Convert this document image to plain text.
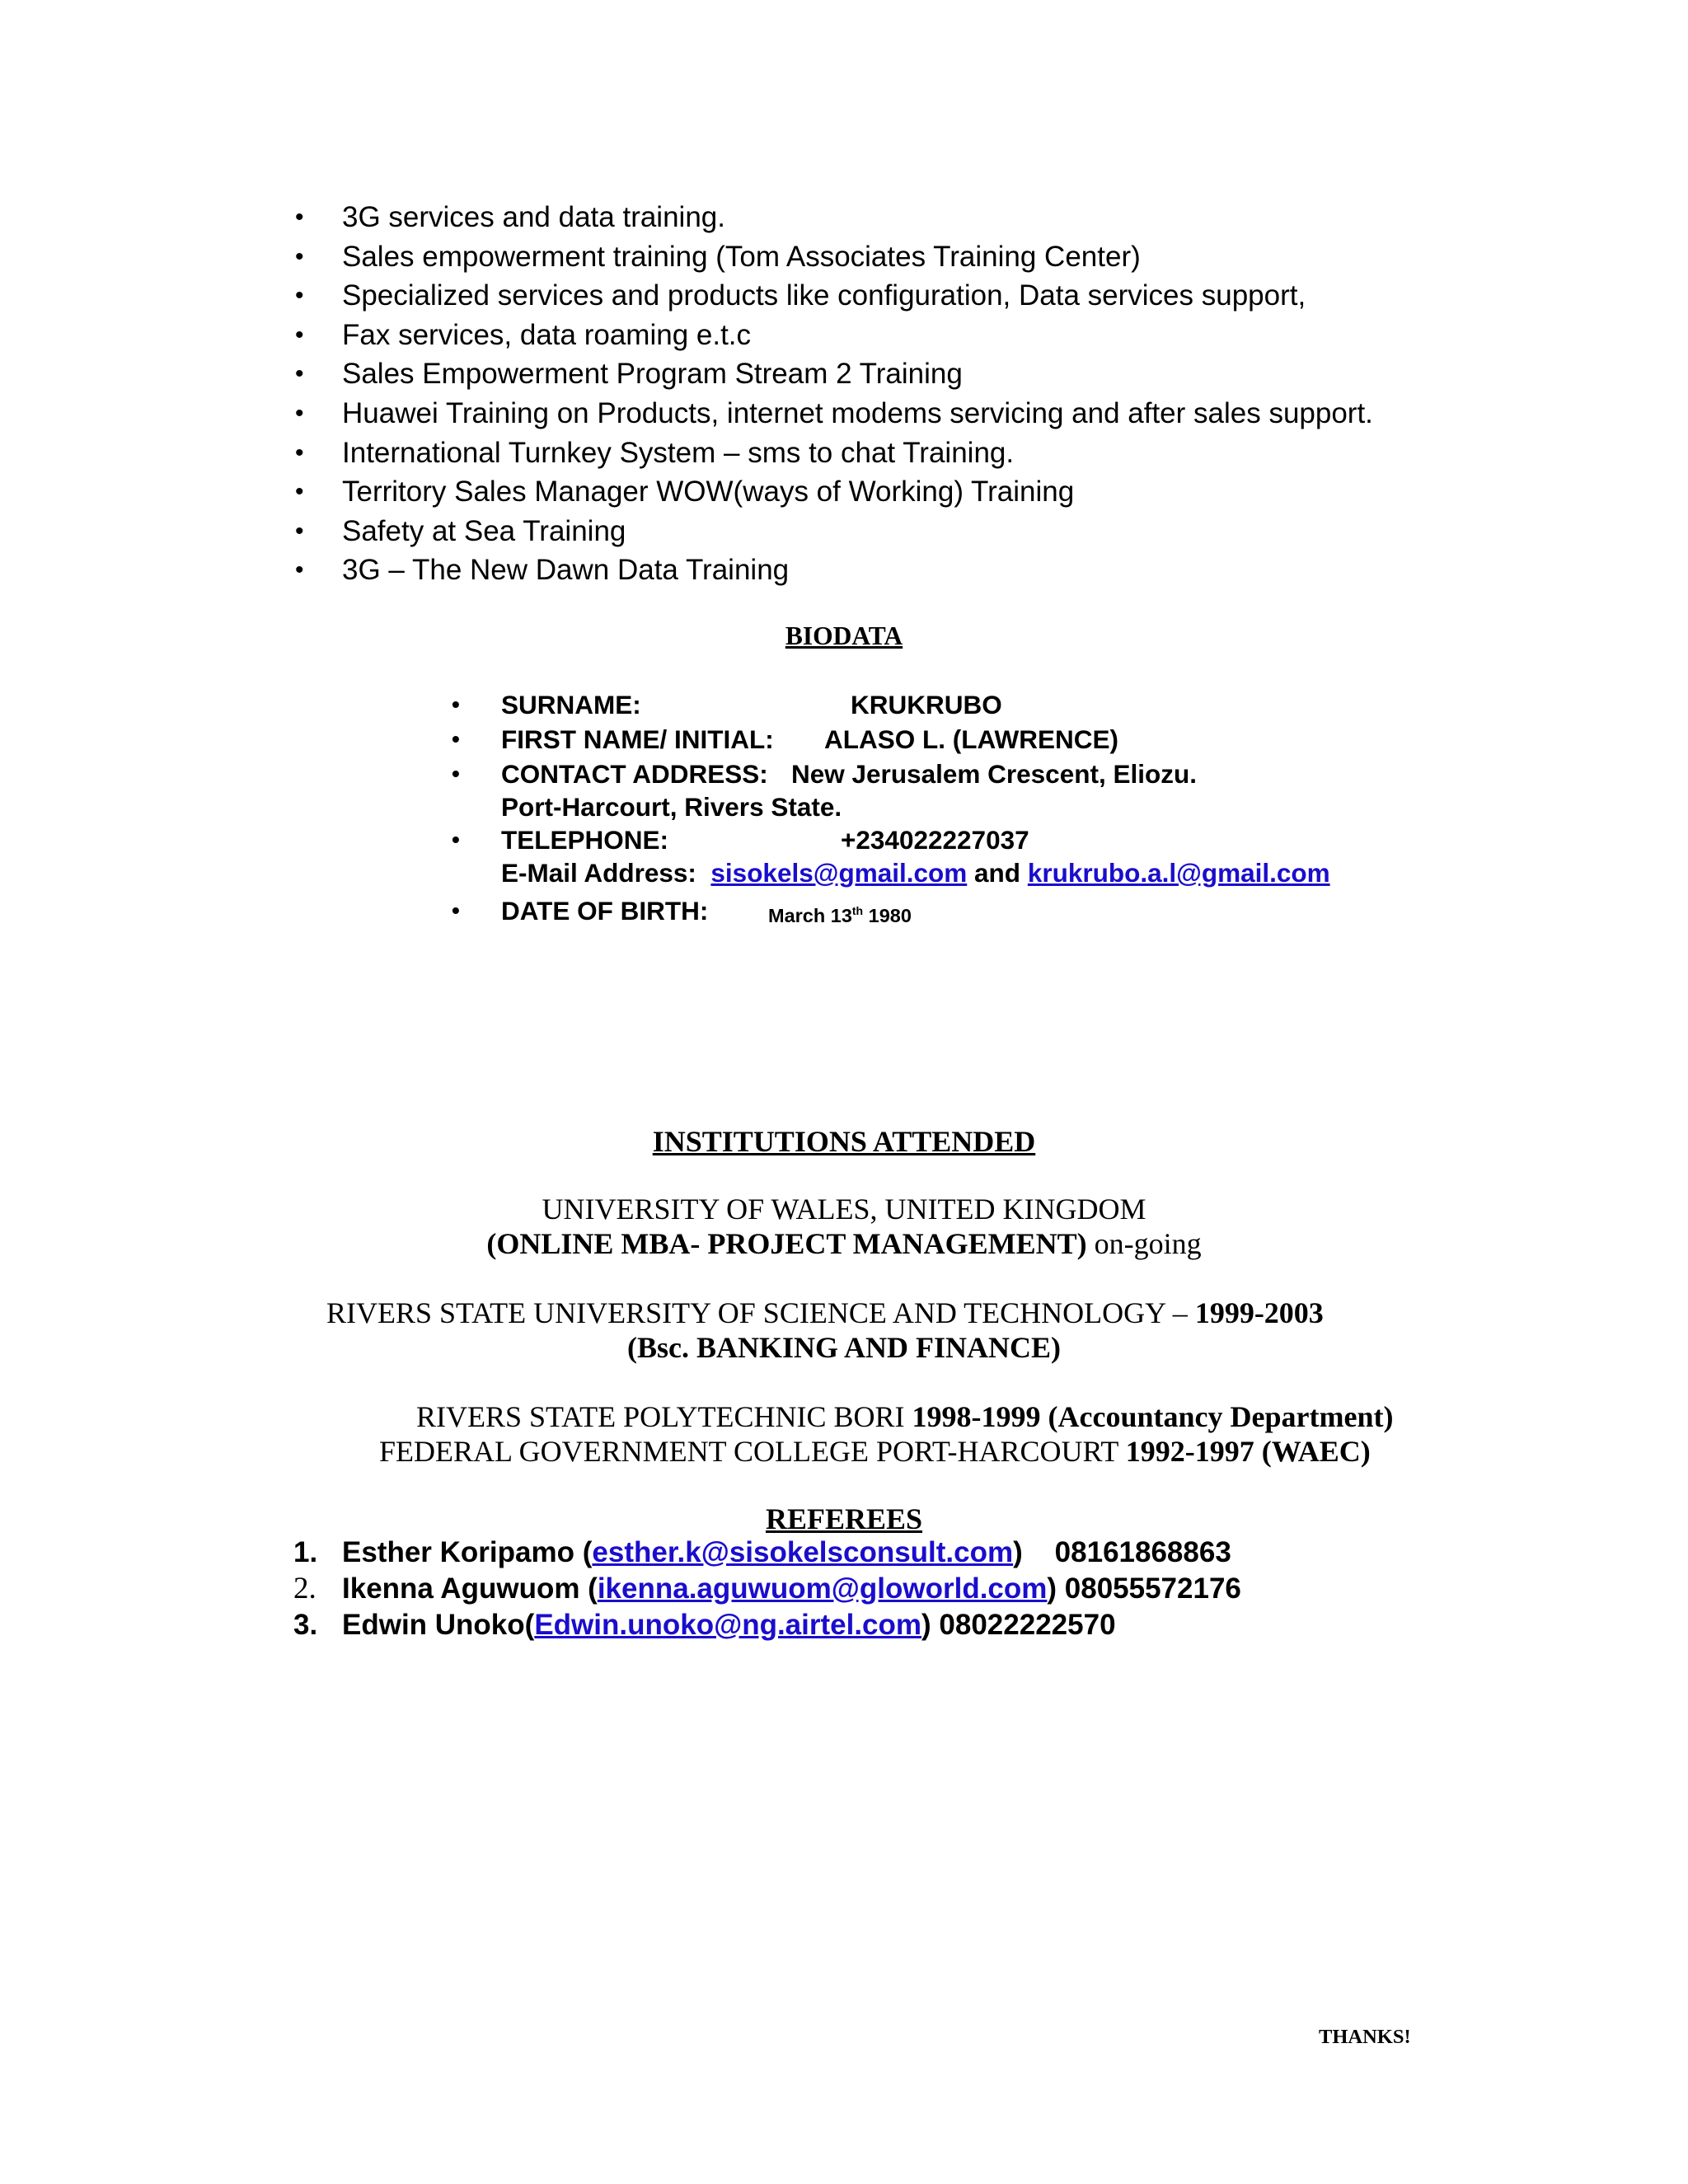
• 3G services and data training.
• Sales empowerment training (Tom Associates Training Center)
• Specialized services and products like configuration, Data services support,
• Fax services, data roaming e.t.c
• Sales Empowerment Program Stream 2 Training
• Huawei Training on Products, internet modems servicing and after sales support.
• International Turnkey System – sms to chat Training.
• Territory Sales Manager WOW(ways of Working) Training
• Safety at Sea Training
• 3G – The New Dawn Data Training
BIODATA
• SURNAME:	KRUKRUBO
• FIRST NAME/ INITIAL: ALASO L. (LAWRENCE)
• CONTACT ADDRESS: New Jerusalem Crescent, Eliozu.
Port-Harcourt, Rivers State.
• TELEPHONE:	+234022227037
E-Mail Address: sisokels@gmail.com and krukrubo.a.l@gmail.com
• DATE OF BIRTH:	March 13th 1980
INSTITUTIONS ATTENDED
UNIVERSITY OF WALES, UNITED KINGDOM
(ONLINE MBA- PROJECT MANAGEMENT) on-going
RIVERS STATE UNIVERSITY OF SCIENCE AND TECHNOLOGY – 1999-2003
(Bsc. BANKING AND FINANCE)
RIVERS STATE POLYTECHNIC BORI 1998-1999 (Accountancy Department)
FEDERAL GOVERNMENT COLLEGE PORT-HARCOURT 1992-1997 (WAEC)
REFEREES
1. Esther Koripamo (esther.k@sisokelsconsult.com)    08161868863
2. Ikenna Aguwuom (ikenna.aguwuom@gloworld.com) 08055572176
3. Edwin Unoko(Edwin.unoko@ng.airtel.com) 08022222570
THANKS!
